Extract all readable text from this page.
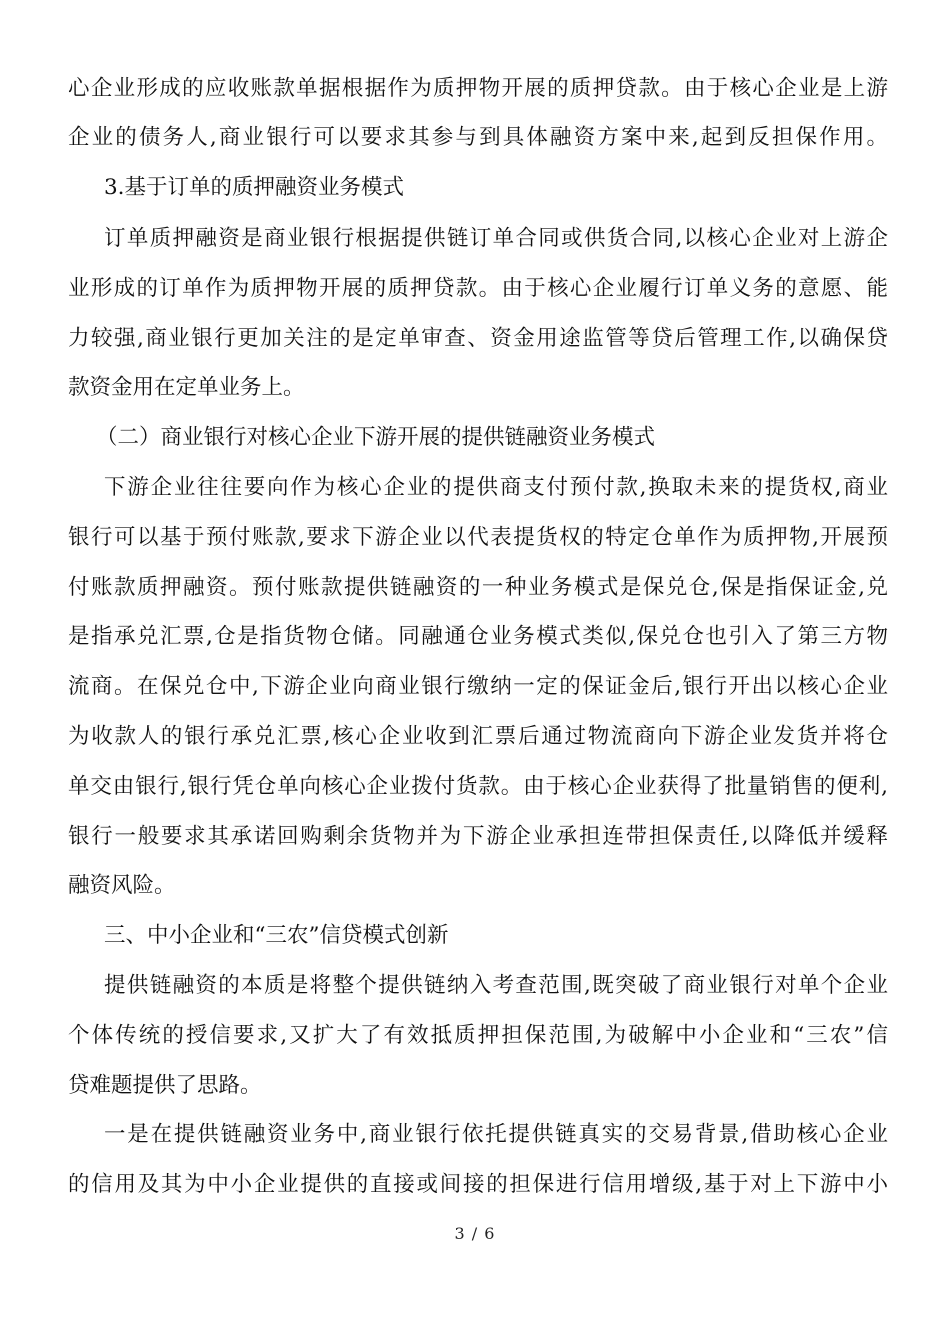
心企业形成的应收账款单据根据作为质押物开展的质押贷款。由于核心企业是上游
企业的债务人,商业银行可以要求其参与到具体融资方案中来,起到反担保作用。
3.基于订单的质押融资业务模式
订单质押融资是商业银行根据提供链订单合同或供货合同,以核心企业对上游企
业形成的订单作为质押物开展的质押贷款。由于核心企业履行订单义务的意愿、能
力较强,商业银行更加关注的是定单审查、资金用途监管等贷后管理工作,以确保贷
款资金用在定单业务上。
（二）商业银行对核心企业下游开展的提供链融资业务模式
下游企业往往要向作为核心企业的提供商支付预付款,换取未来的提货权,商业
银行可以基于预付账款,要求下游企业以代表提货权的特定仓单作为质押物,开展预
付账款质押融资。预付账款提供链融资的一种业务模式是保兑仓,保是指保证金,兑
是指承兑汇票,仓是指货物仓储。同融通仓业务模式类似,保兑仓也引入了第三方物
流商。在保兑仓中,下游企业向商业银行缴纳一定的保证金后,银行开出以核心企业
为收款人的银行承兑汇票,核心企业收到汇票后通过物流商向下游企业发货并将仓
单交由银行,银行凭仓单向核心企业拨付货款。由于核心企业获得了批量销售的便利,
银行一般要求其承诺回购剩余货物并为下游企业承担连带担保责任,以降低并缓释
融资风险。
三、中小企业和“三农”信贷模式创新
提供链融资的本质是将整个提供链纳入考查范围,既突破了商业银行对单个企业
个体传统的授信要求,又扩大了有效抵质押担保范围,为破解中小企业和“三农”信
贷难题提供了思路。
一是在提供链融资业务中,商业银行依托提供链真实的交易背景,借助核心企业
的信用及其为中小企业提供的直接或间接的担保进行信用增级,基于对上下游中小
3 / 6
